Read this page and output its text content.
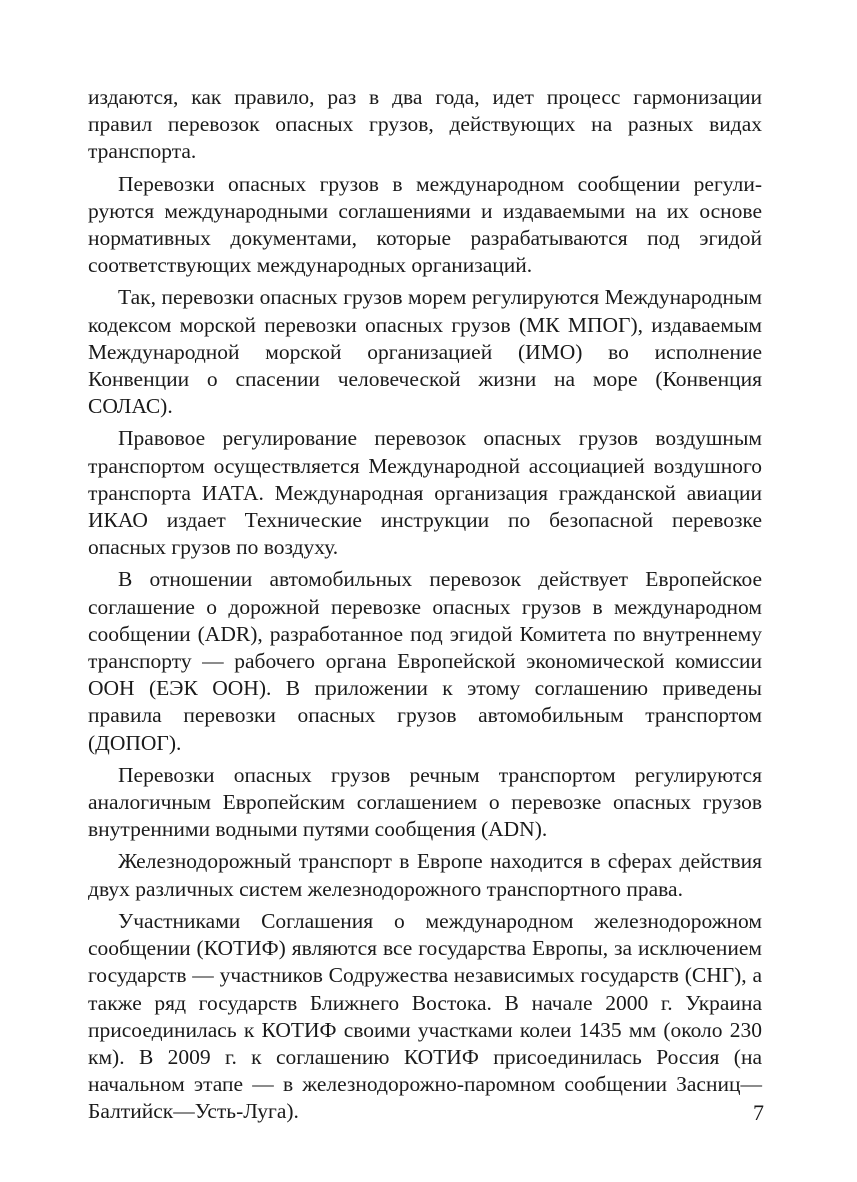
издаются, как правило, раз в два года, идет процесс гармонизации правил перевозок опасных грузов, действующих на разных видах транспорта.

Перевозки опасных грузов в международном сообщении регулируются международными соглашениями и издаваемыми на их основе нормативных документами, которые разрабатываются под эгидой соответствующих международных организаций.

Так, перевозки опасных грузов морем регулируются Международным кодексом морской перевозки опасных грузов (МК МПОГ), издаваемым Международной морской организацией (ИМО) во исполнение Конвенции о спасении человеческой жизни на море (Конвенция СОЛАС).

Правовое регулирование перевозок опасных грузов воздушным транспортом осуществляется Международной ассоциацией воздушного транспорта ИАТА. Международная организация гражданской авиации ИКАО издает Технические инструкции по безопасной перевозке опасных грузов по воздуху.

В отношении автомобильных перевозок действует Европейское соглашение о дорожной перевозке опасных грузов в международном сообщении (ADR), разработанное под эгидой Комитета по внутреннему транспорту — рабочего органа Европейской экономической комиссии ООН (ЕЭК ООН). В приложении к этому соглашению приведены правила перевозки опасных грузов автомобильным транспортом (ДОПОГ).

Перевозки опасных грузов речным транспортом регулируются аналогичным Европейским соглашением о перевозке опасных грузов внутренними водными путями сообщения (ADN).

Железнодорожный транспорт в Европе находится в сферах действия двух различных систем железнодорожного транспортного права.

Участниками Соглашения о международном железнодорожном сообщении (КОТИФ) являются все государства Европы, за исключением государств — участников Содружества независимых государств (СНГ), а также ряд государств Ближнего Востока. В начале 2000 г. Украина присоединилась к КОТИФ своими участками колеи 1435 мм (около 230 км). В 2009 г. к соглашению КОТИФ присоединилась Россия (на начальном этапе — в железнодорожно-паромном сообщении Засниц—Балтийск—Усть-Луга).	7
